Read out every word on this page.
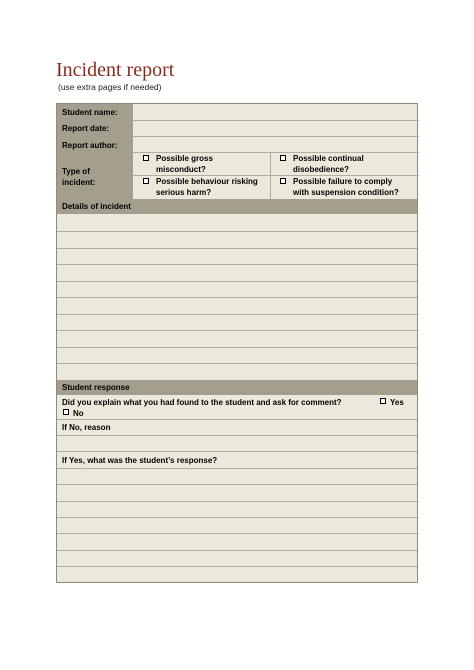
Incident report
(use extra pages if needed)
Student name:
Report date:
Report author:
Type of
incident:
Possible gross
misconduct?
Possible continual
disobedience?
Possible behaviour risking
serious harm?
Possible failure to comply
with suspension condition?
Details of incident
Student response
Did you explain what you had found to the student and ask for comment?	Yes
No
If No, reason
If Yes, what was the student’s response?
